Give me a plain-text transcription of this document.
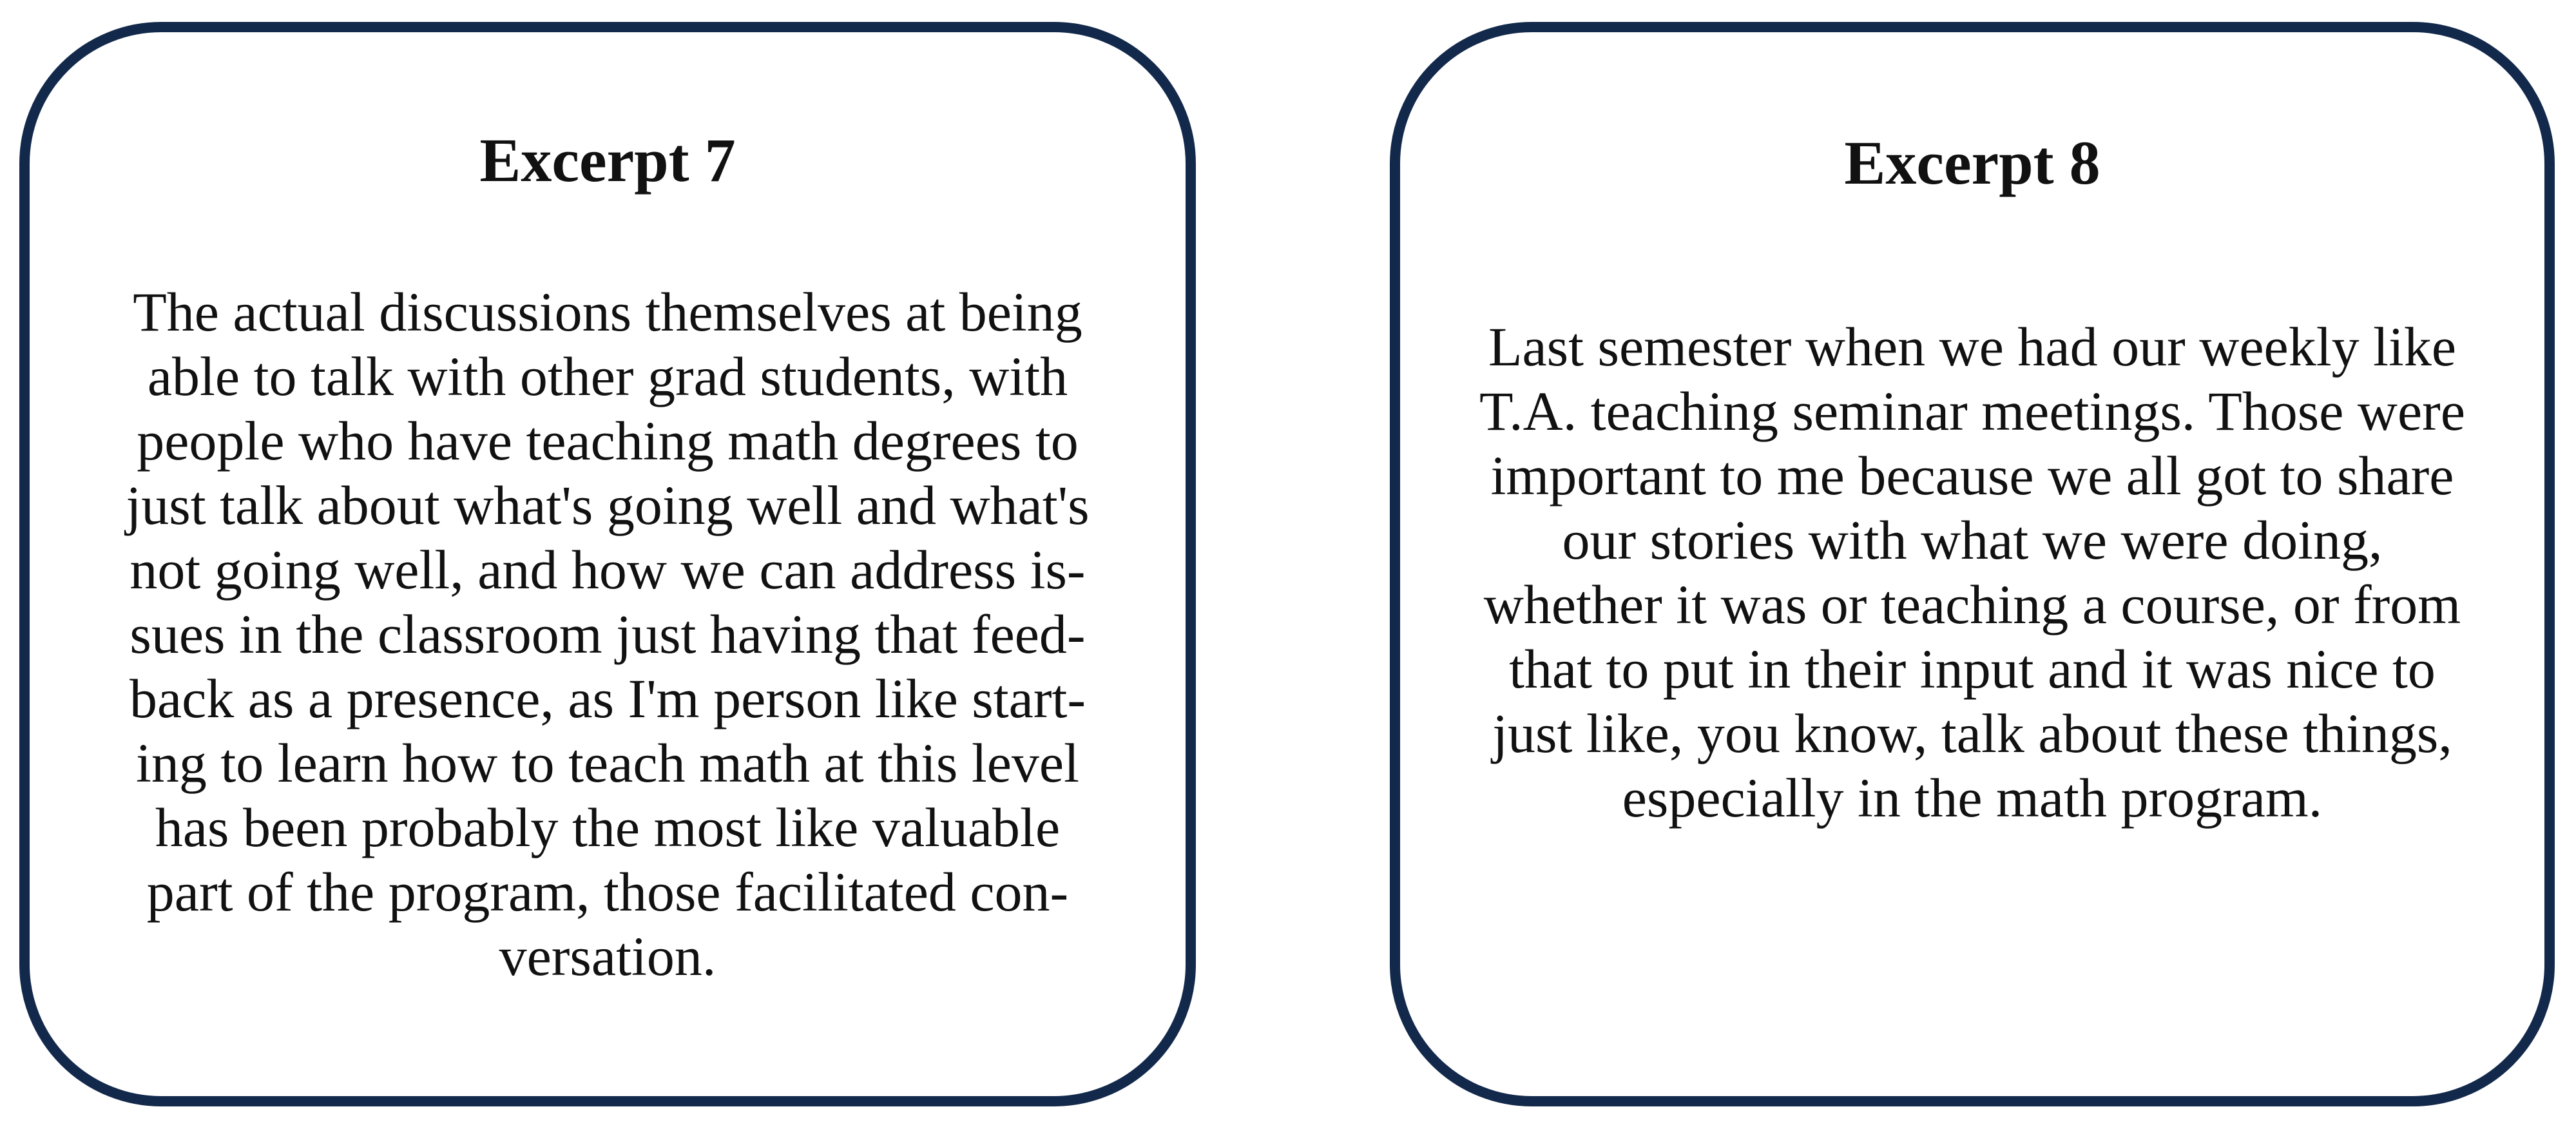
Excerpt 7

The actual discussions themselves at being
able to talk with other grad students, with
people who have teaching math degrees to
just talk about what's going well and what's
not going well, and how we can address is-
sues in the classroom just having that feed-
back as a presence, as I'm person like start-
ing to learn how to teach math at this level
has been probably the most like valuable
part of the program, those facilitated con-
versation.

Excerpt 8

Last semester when we had our weekly like
T.A. teaching seminar meetings. Those were
important to me because we all got to share
our stories with what we were doing,
whether it was or teaching a course, or from
that to put in their input and it was nice to
just like, you know, talk about these things,
especially in the math program.
